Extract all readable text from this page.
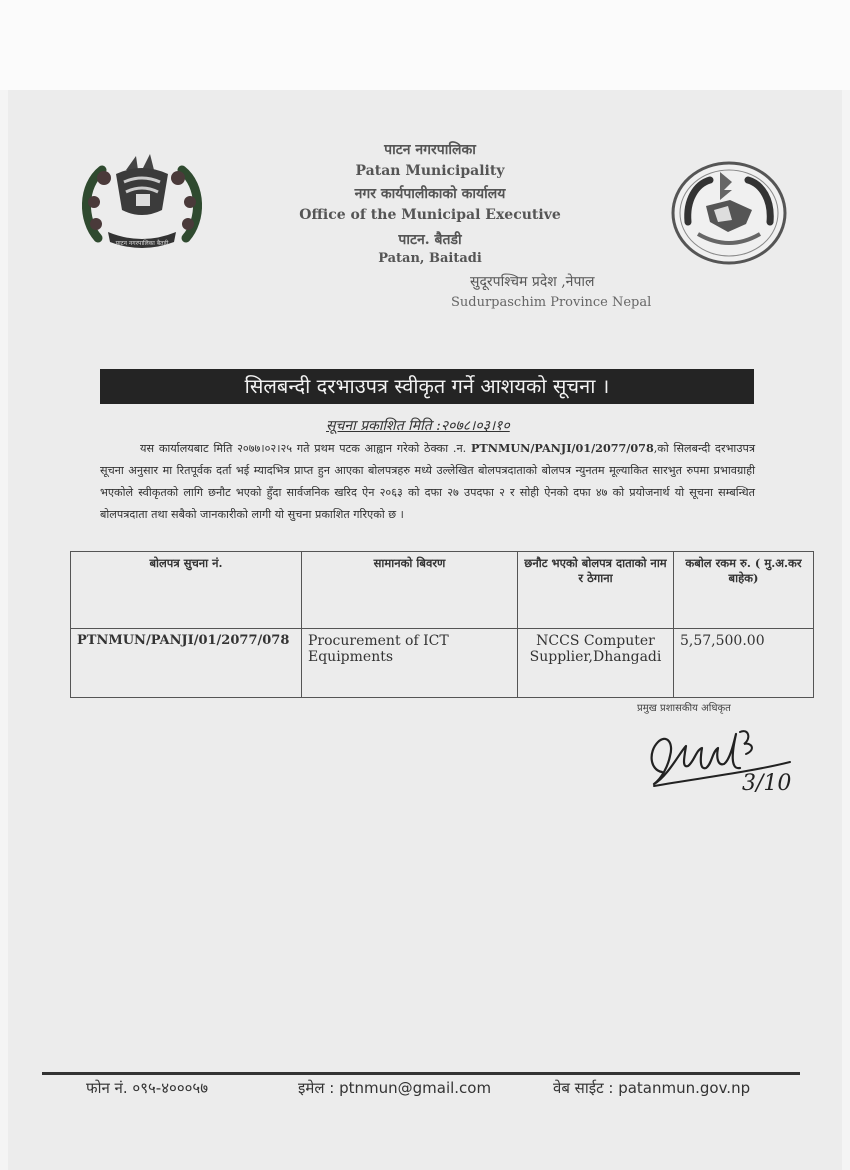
पाटन नगरपालिका बैतडी
पाटन नगरपालिका
Patan Municipality
नगर कार्यपालीकाको कार्यालय
Office of the Municipal Executive
पाटन. बैतडी
Patan, Baitadi
सुदूरपश्चिम प्रदेश ,नेपाल
Sudurpaschim Province Nepal
सिलबन्दी दरभाउपत्र स्वीकृत गर्ने आशयको सूचना ।
सूचना प्रकाशित मिति :२०७८।०३।१०
यस कार्यालयबाट मिति २०७७।०२।२५ गते प्रथम पटक आह्वान गरेको ठेक्का .न. PTNMUN/PANJI/01/2077/078,को सिलबन्दी दरभाउपत्र सूचना अनुसार मा रितपूर्वक दर्ता भई म्यादभित्र प्राप्त हुन आएका बोलपत्रहरु मध्ये उल्लेखित बोलपत्रदाताको बोलपत्र न्युनतम मूल्याकित सारभुत रुपमा प्रभावग्राही भएकोले स्वीकृतको लागि छनौट भएको हुँदा सार्वजनिक खरिद ऐन २०६३ को दफा २७ उपदफा २ र सोही ऐनको दफा ४७ को प्रयोजनार्थ यो सूचना सम्बन्धित बोलपत्रदाता तथा सबैको जानकारीको लागी यो सुचना प्रकाशित गरिएको छ ।
बोलपत्र सुचना नं.	सामानको बिवरण	छनौट भएको बोलपत्र दाताको नाम र ठेगाना	कबोल रकम रु. ( मु.अ.कर बाहेक)
PTNMUN/PANJI/01/2077/078	Procurement of ICT Equipments	NCCS Computer Supplier,Dhangadi	5,57,500.00
प्रमुख प्रशासकीय अधिकृत
3/10
फोन नं. ०९५-४०००५७	इमेल : ptnmun@gmail.com	वेब साईट : patanmun.gov.np
